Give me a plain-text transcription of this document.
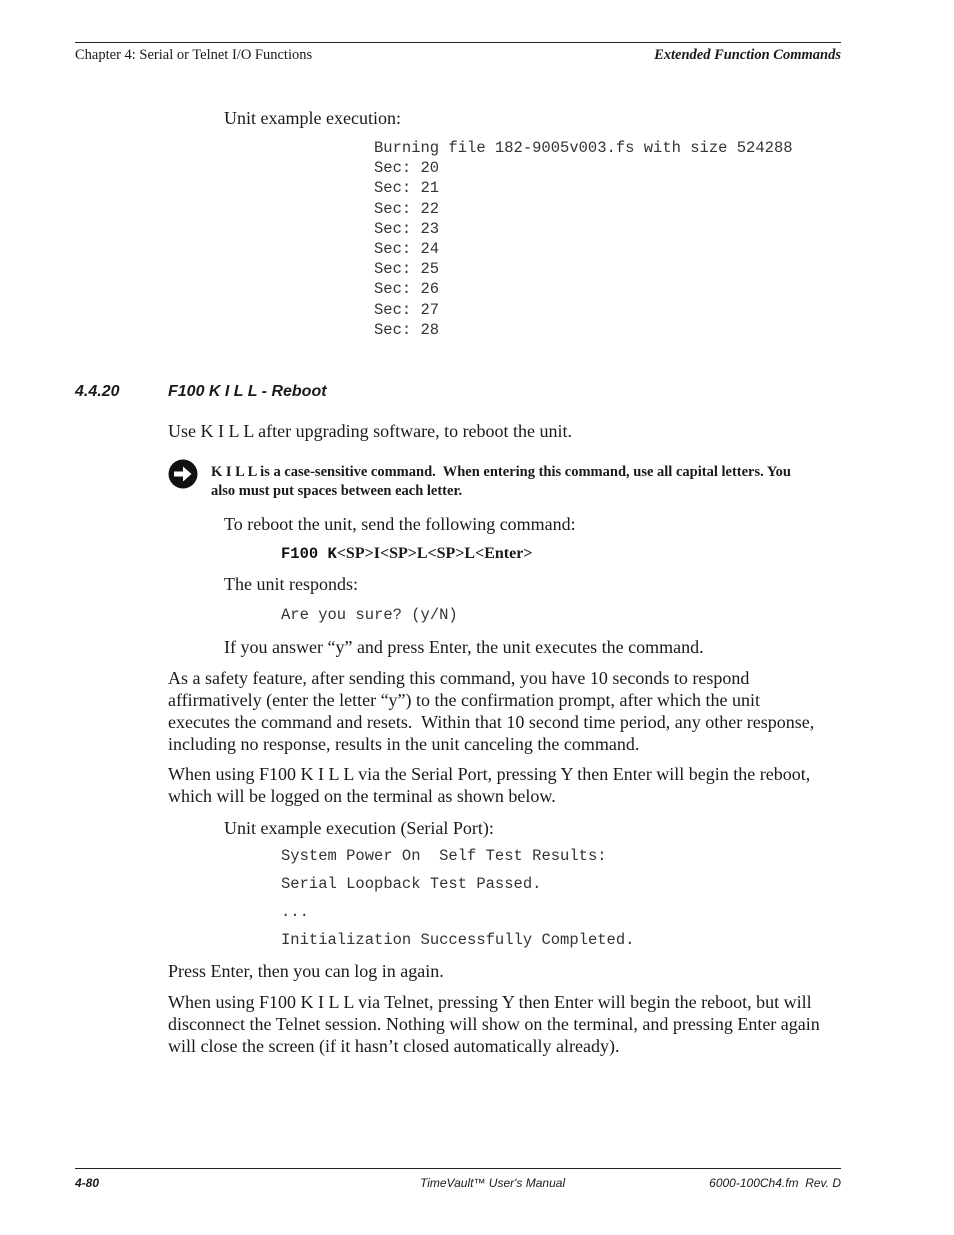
Chapter 4: Serial or Telnet I/O Functions	Extended Function Commands
Unit example execution:
Burning file 182-9005v003.fs with size 524288
Sec: 20
Sec: 21
Sec: 22
Sec: 23
Sec: 24
Sec: 25
Sec: 26
Sec: 27
Sec: 28
4.4.20	F100 K I L L - Reboot
Use K I L L after upgrading software, to reboot the unit.
K I L L is a case-sensitive command.  When entering this command, use all capital letters. You
also must put spaces between each letter.
To reboot the unit, send the following command:
F100 K<SP>I<SP>L<SP>L<Enter>
The unit responds:
Are you sure? (y/N)
If you answer “y” and press Enter, the unit executes the command.
As a safety feature, after sending this command, you have 10 seconds to respond
affirmatively (enter the letter “y”) to the confirmation prompt, after which the unit
executes the command and resets.  Within that 10 second time period, any other response,
including no response, results in the unit canceling the command.
When using F100 K I L L via the Serial Port, pressing Y then Enter will begin the reboot,
which will be logged on the terminal as shown below.
Unit example execution (Serial Port):
System Power On  Self Test Results:
Serial Loopback Test Passed.
...
Initialization Successfully Completed.
Press Enter, then you can log in again.
When using F100 K I L L via Telnet, pressing Y then Enter will begin the reboot, but will
disconnect the Telnet session. Nothing will show on the terminal, and pressing Enter again
will close the screen (if it hasn’t closed automatically already).
4-80	TimeVault™ User's Manual	6000-100Ch4.fm  Rev. D
